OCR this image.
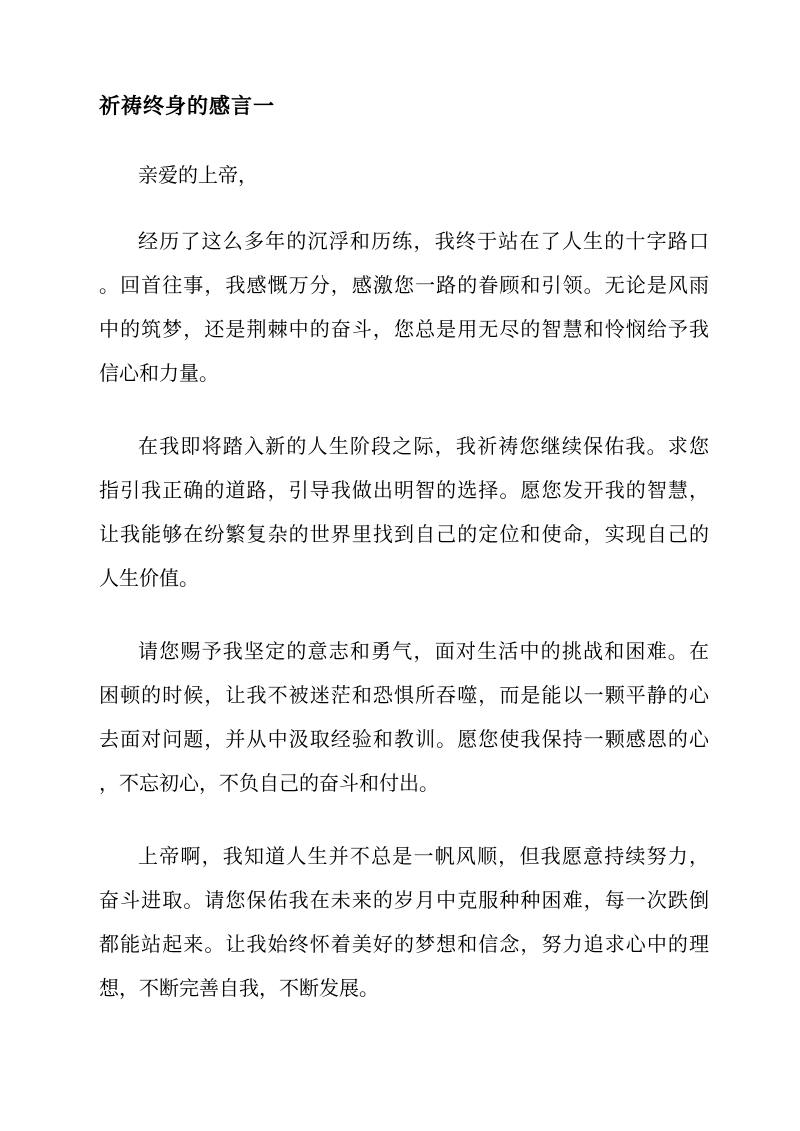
祈祷终身的感言一

亲爱的上帝，

经历了这么多年的沉浮和历练，我终于站在了人生的十字路口

。回首往事，我感慨万分，感激您一路的眷顾和引领。无论是风雨

中的筑梦，还是荆棘中的奋斗，您总是用无尽的智慧和怜悯给予我

信心和力量。

在我即将踏入新的人生阶段之际，我祈祷您继续保佑我。求您

指引我正确的道路，引导我做出明智的选择。愿您发开我的智慧，

让我能够在纷繁复杂的世界里找到自己的定位和使命，实现自己的

人生价值。

请您赐予我坚定的意志和勇气，面对生活中的挑战和困难。在

困顿的时候，让我不被迷茫和恐惧所吞噬，而是能以一颗平静的心

去面对问题，并从中汲取经验和教训。愿您使我保持一颗感恩的心

，不忘初心，不负自己的奋斗和付出。

上帝啊，我知道人生并不总是一帆风顺，但我愿意持续努力，

奋斗进取。请您保佑我在未来的岁月中克服种种困难，每一次跌倒

都能站起来。让我始终怀着美好的梦想和信念，努力追求心中的理

想，不断完善自我，不断发展。
